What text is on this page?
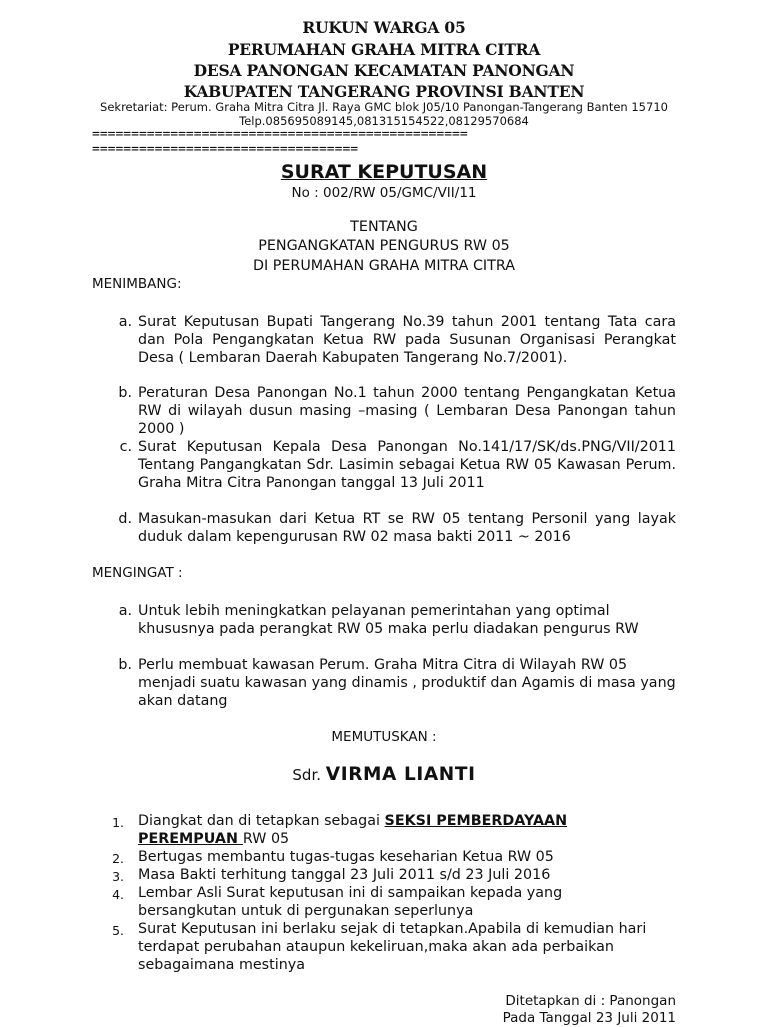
RUKUN WARGA 05
PERUMAHAN GRAHA MITRA CITRA
DESA PANONGAN KECAMATAN PANONGAN
KABUPATEN TANGERANG PROVINSI BANTEN
Sekretariat: Perum. Graha Mitra Citra Jl. Raya GMC blok J05/10 Panongan-Tangerang Banten 15710
Telp.085695089145,081315154522,08129570684
================================================
==================================
SURAT KEPUTUSAN
No : 002/RW 05/GMC/VII/11
TENTANG
PENGANGKATAN PENGURUS RW 05
DI PERUMAHAN GRAHA MITRA CITRA
MENIMBANG:
a. Surat Keputusan Bupati Tangerang No.39 tahun 2001 tentang Tata cara dan Pola Pengangkatan Ketua RW pada Susunan Organisasi Perangkat Desa ( Lembaran Daerah Kabupaten Tangerang No.7/2001).
b. Peraturan Desa Panongan No.1 tahun 2000 tentang Pengangkatan Ketua RW di wilayah dusun masing –masing ( Lembaran Desa Panongan tahun 2000 )
c. Surat Keputusan Kepala Desa Panongan No.141/17/SK/ds.PNG/VII/2011 Tentang Pangangkatan Sdr. Lasimin sebagai Ketua RW 05 Kawasan Perum. Graha Mitra Citra Panongan tanggal 13 Juli 2011
d. Masukan-masukan dari Ketua RT se RW 05 tentang Personil yang layak duduk dalam kepengurusan RW 02 masa bakti 2011 ~ 2016
MENGINGAT :
a. Untuk lebih meningkatkan pelayanan pemerintahan yang optimal khususnya pada perangkat RW 05 maka perlu diadakan pengurus RW
b. Perlu membuat kawasan Perum. Graha Mitra Citra di Wilayah RW 05 menjadi suatu kawasan yang dinamis , produktif dan Agamis di masa yang akan datang
MEMUTUSKAN :
Sdr. VIRMA LIANTI
1. Diangkat dan di tetapkan sebagai SEKSI PEMBERDAYAAN PEREMPUAN RW 05
2. Bertugas membantu tugas-tugas keseharian Ketua RW 05
3. Masa Bakti terhitung tanggal 23 Juli 2011 s/d 23 Juli 2016
4. Lembar Asli Surat keputusan ini di sampaikan kepada yang bersangkutan untuk di pergunakan seperlunya
5. Surat Keputusan ini berlaku sejak di tetapkan.Apabila di kemudian hari terdapat perubahan ataupun kekeliruan,maka akan ada perbaikan sebagaimana mestinya
Ditetapkan di : Panongan
Pada Tanggal 23 Juli 2011
